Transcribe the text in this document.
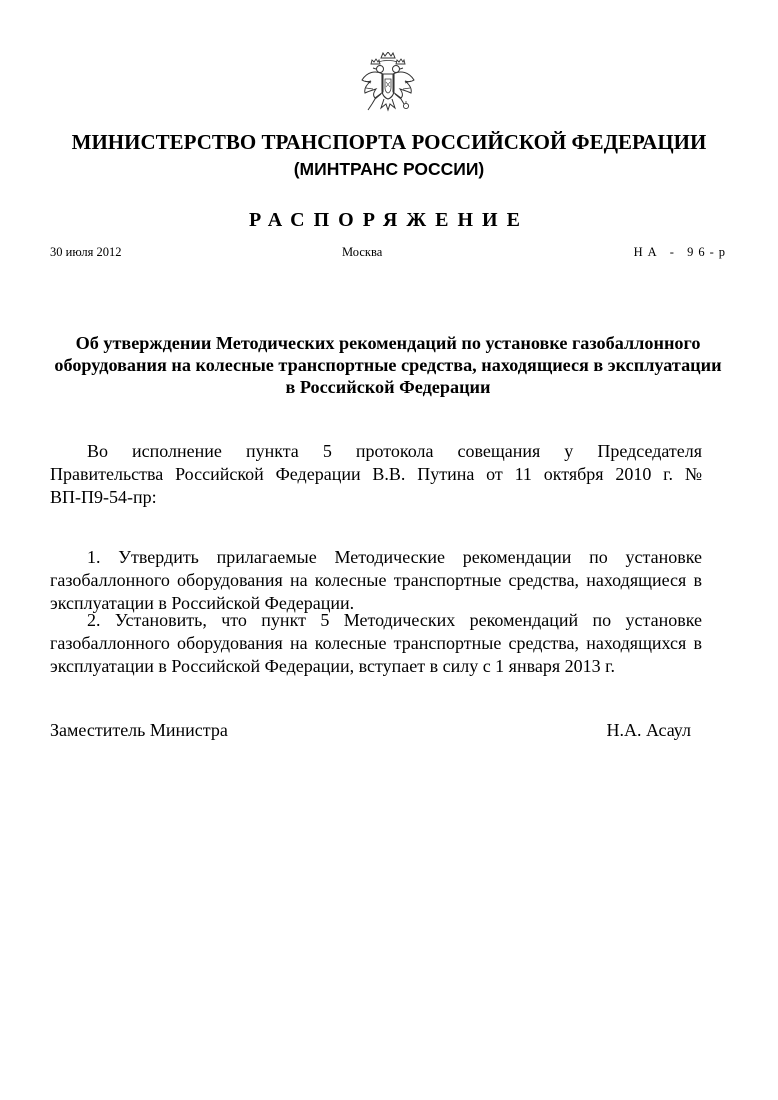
МИНИСТЕРСТВО ТРАНСПОРТА РОССИЙСКОЙ ФЕДЕРАЦИИ
(МИНТРАНС РОССИИ)
РАСПОРЯЖЕНИЕ
30 июля 2012	Москва	НА - 96-р
Об утверждении Методических рекомендаций по установке газобаллонного оборудования на колесные транспортные средства, находящиеся в эксплуатации в Российской Федерации
Во исполнение пункта 5 протокола совещания у Председателя Правительства Российской Федерации В.В. Путина от 11 октября 2010 г. № ВП-П9-54-пр:
1. Утвердить прилагаемые Методические рекомендации по установке газобаллонного оборудования на колесные транспортные средства, находящиеся в эксплуатации в Российской Федерации.
2. Установить, что пункт 5 Методических рекомендаций по установке газобаллонного оборудования на колесные транспортные средства, находящихся в эксплуатации в Российской Федерации, вступает в силу с 1 января 2013 г.
Заместитель Министра	Н.А. Асаул
